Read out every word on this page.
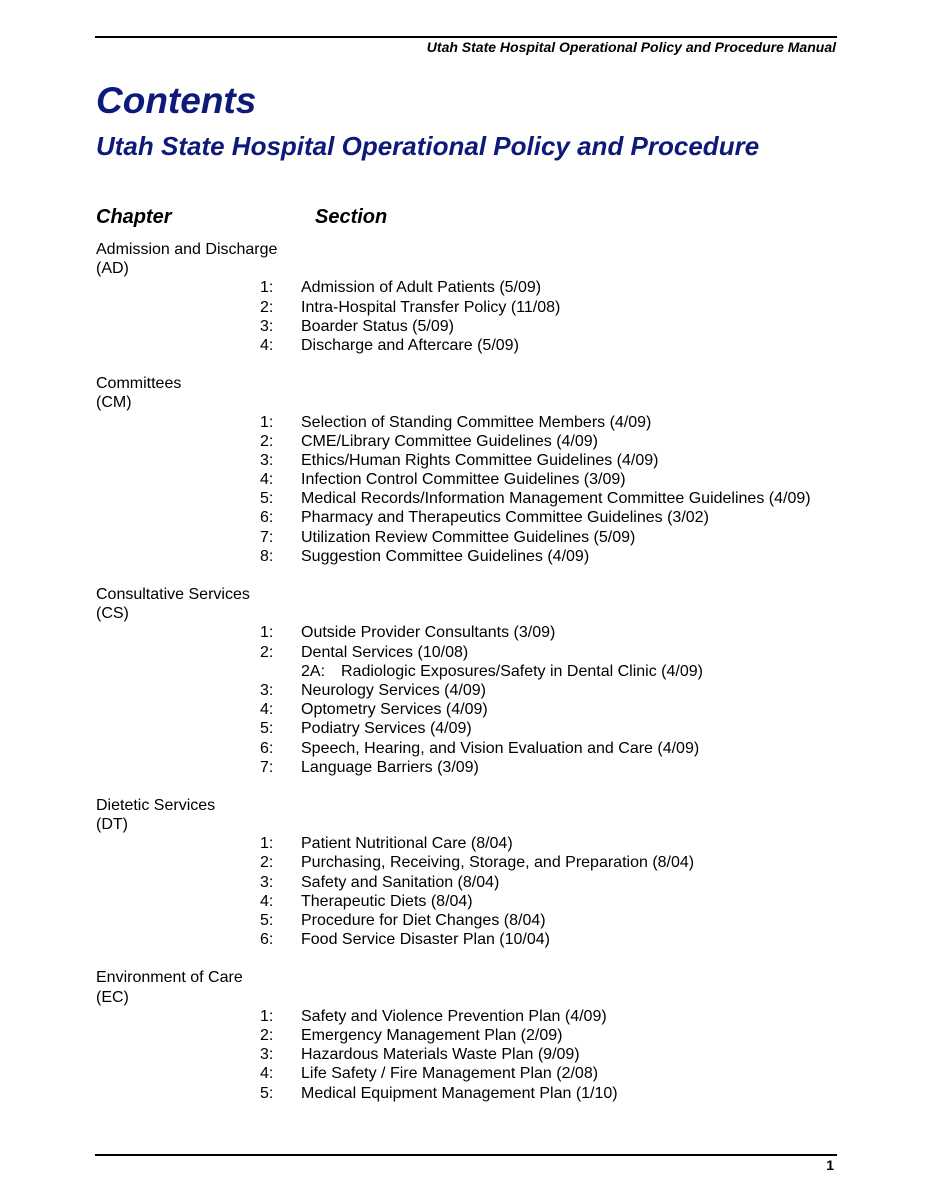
Utah State Hospital Operational Policy and Procedure Manual
Contents
Utah State Hospital Operational Policy and Procedure
Chapter	Section
Admission and Discharge
(AD)
1: Admission of Adult Patients (5/09)
2: Intra-Hospital Transfer Policy (11/08)
3: Boarder Status (5/09)
4: Discharge and Aftercare (5/09)
Committees
(CM)
1: Selection of Standing Committee Members (4/09)
2: CME/Library Committee Guidelines (4/09)
3: Ethics/Human Rights Committee Guidelines (4/09)
4: Infection Control Committee Guidelines (3/09)
5: Medical Records/Information Management Committee Guidelines (4/09)
6: Pharmacy and Therapeutics Committee Guidelines (3/02)
7: Utilization Review Committee Guidelines (5/09)
8: Suggestion Committee Guidelines (4/09)
Consultative Services
(CS)
1: Outside Provider Consultants (3/09)
2: Dental Services (10/08)
2A: Radiologic Exposures/Safety in Dental Clinic (4/09)
3: Neurology Services (4/09)
4: Optometry Services (4/09)
5: Podiatry Services (4/09)
6: Speech, Hearing, and Vision Evaluation and Care (4/09)
7: Language Barriers (3/09)
Dietetic Services
(DT)
1: Patient Nutritional Care (8/04)
2: Purchasing, Receiving, Storage, and Preparation (8/04)
3: Safety and Sanitation (8/04)
4: Therapeutic Diets (8/04)
5: Procedure for Diet Changes (8/04)
6: Food Service Disaster Plan (10/04)
Environment of Care
(EC)
1: Safety and Violence Prevention Plan (4/09)
2: Emergency Management Plan (2/09)
3: Hazardous Materials Waste Plan (9/09)
4: Life Safety / Fire Management Plan (2/08)
5: Medical Equipment Management Plan (1/10)
1
